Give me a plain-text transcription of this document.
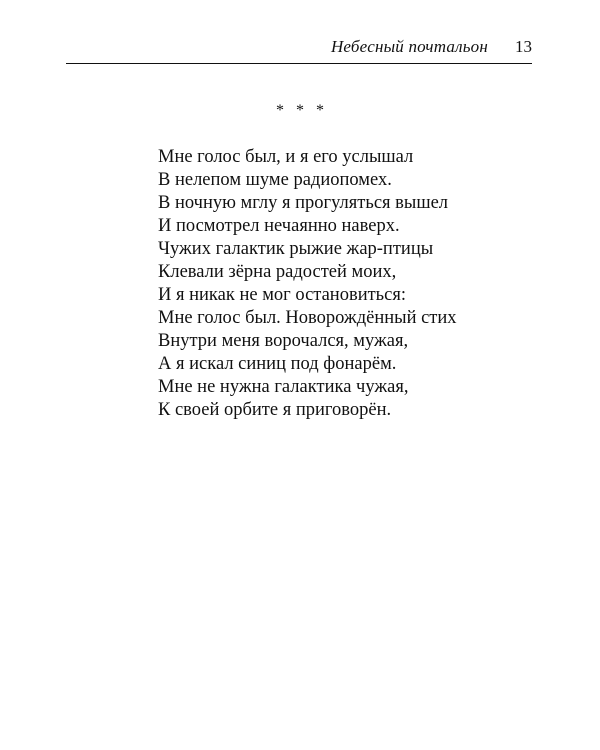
Небесный почтальон 13
* * *
Мне голос был, и я его услышал
В нелепом шуме радиопомех.
В ночную мглу я прогуляться вышел
И посмотрел нечаянно наверх.
Чужих галактик рыжие жар-птицы
Клевали зёрна радостей моих,
И я никак не мог остановиться:
Мне голос был. Новорождённый стих
Внутри меня ворочался, мужая,
А я искал синиц под фонарём.
Мне не нужна галактика чужая,
К своей орбите я приговорён.
